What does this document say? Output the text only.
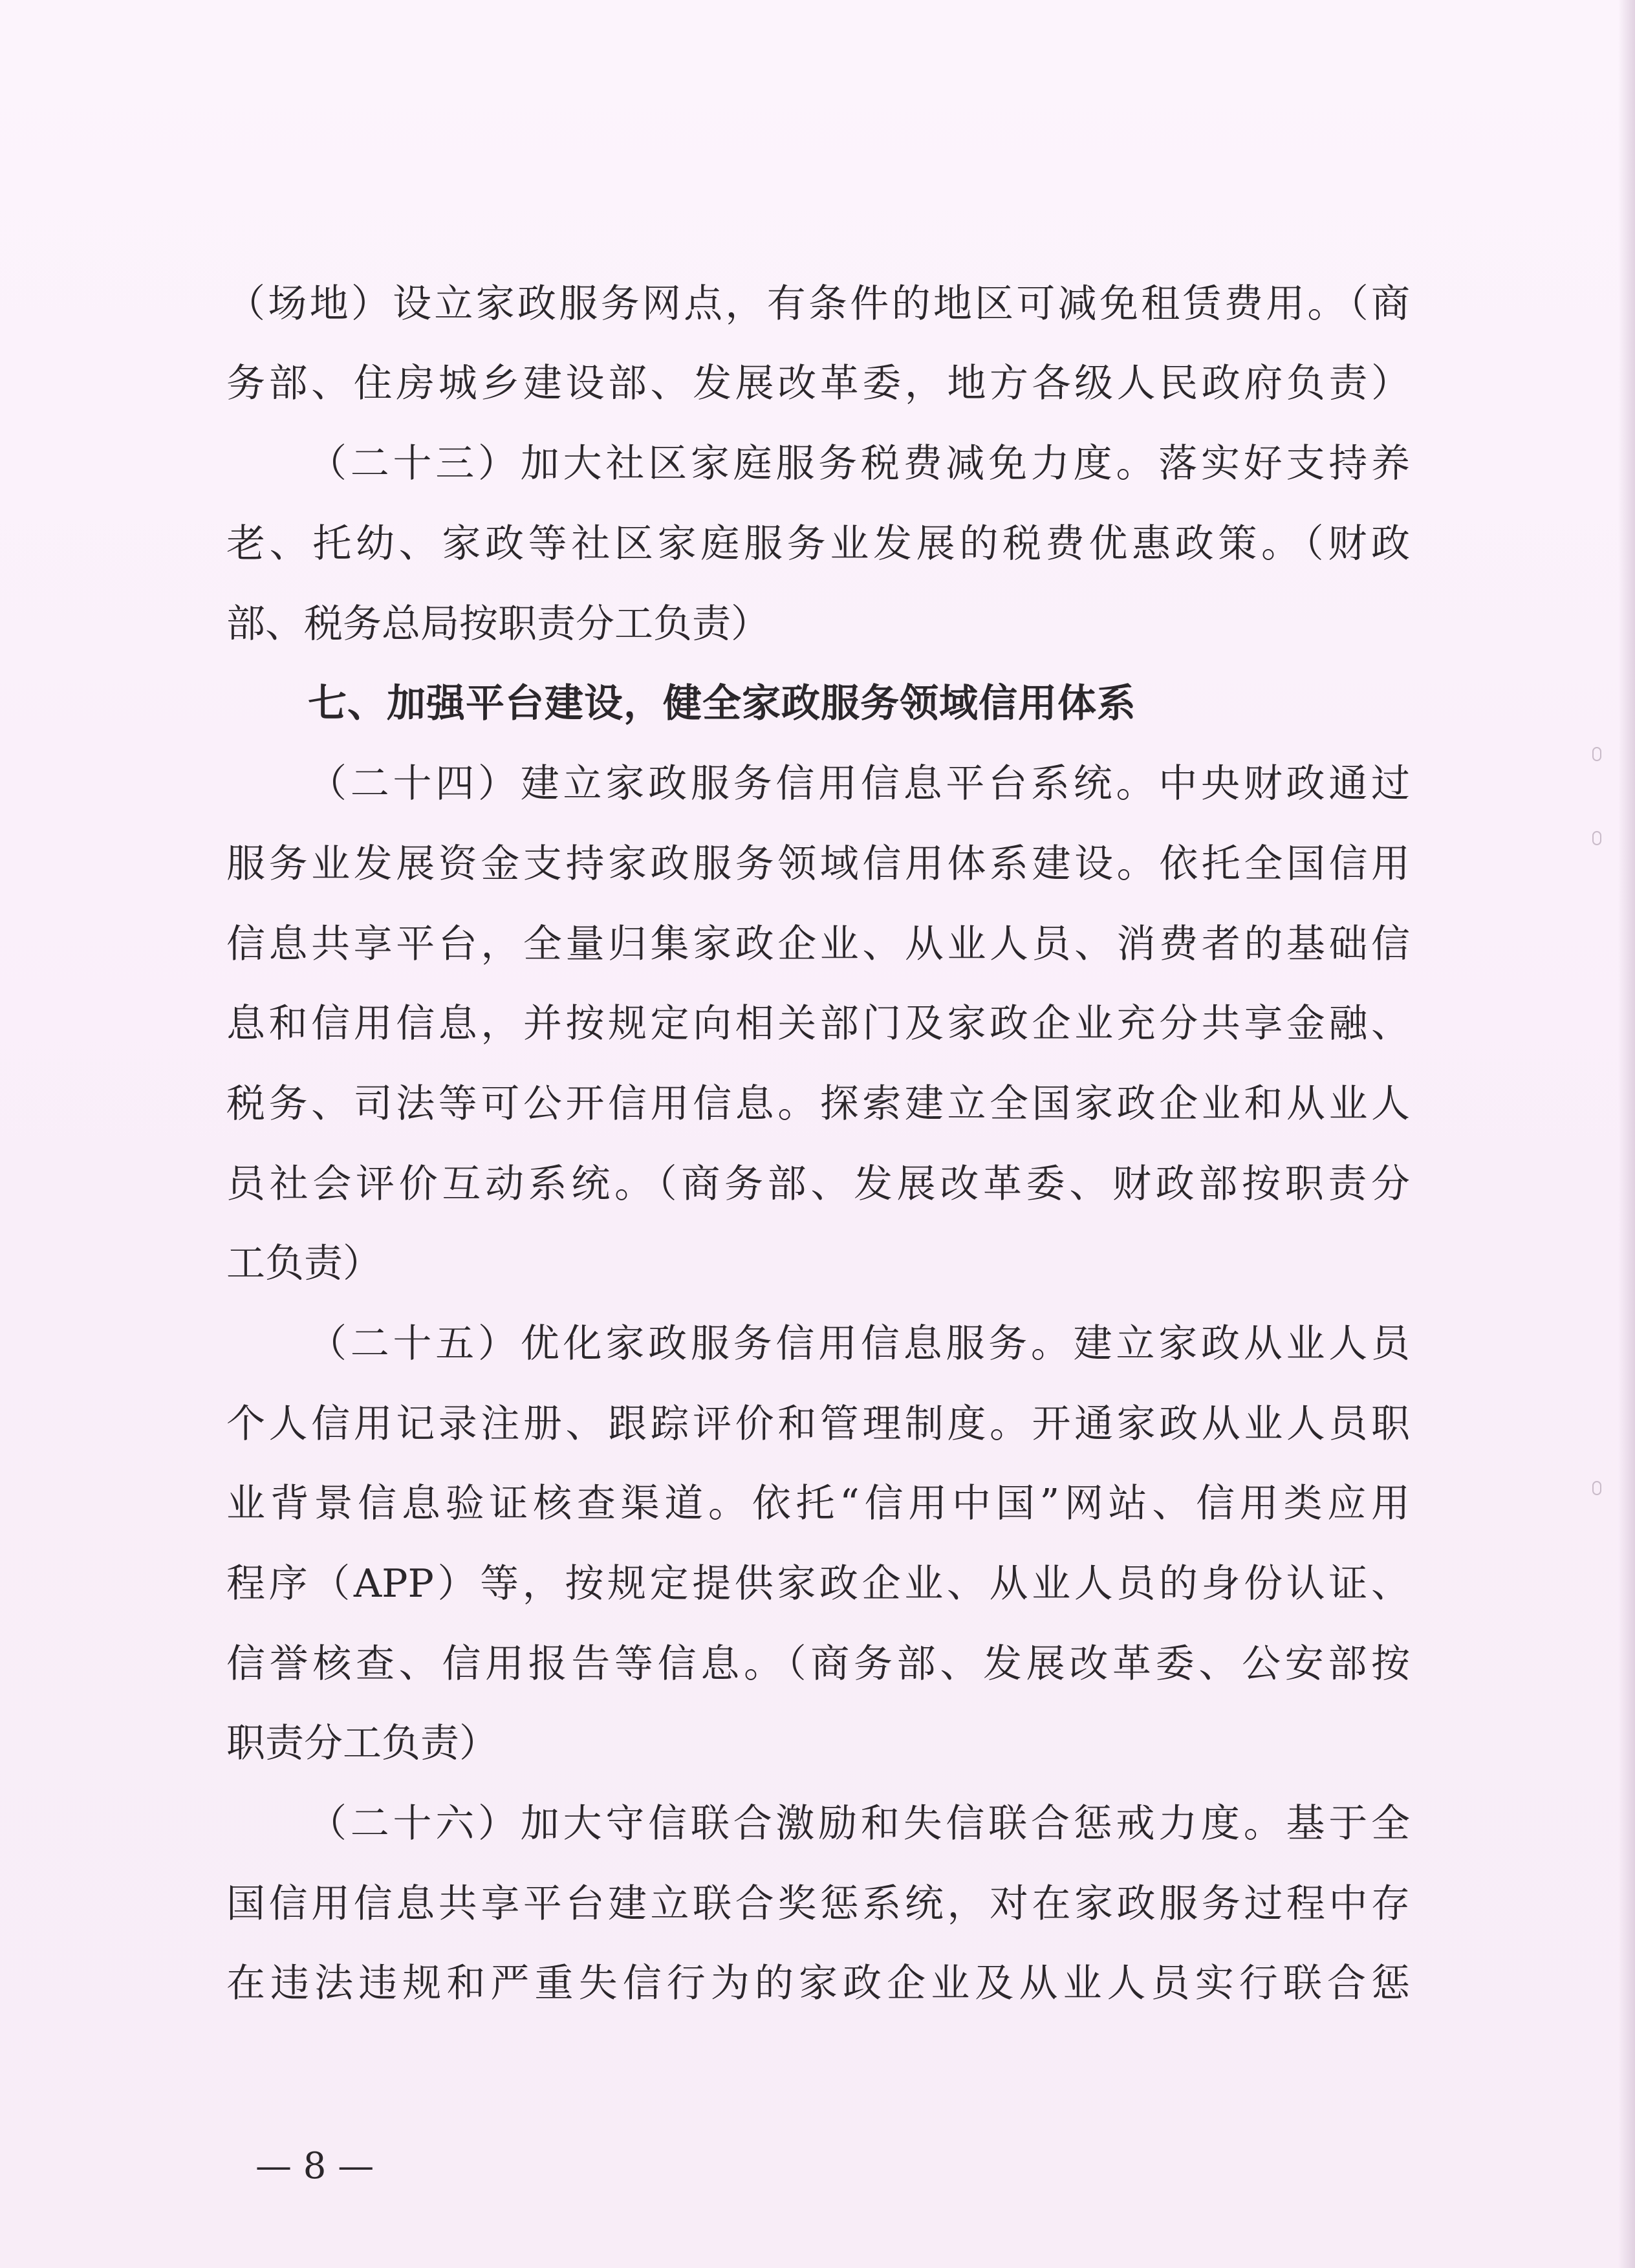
（场地）设立家政服务网点，有条件的地区可减免租赁费用。（商
务部、住房城乡建设部、发展改革委，地方各级人民政府负责）
（二十三）加大社区家庭服务税费减免力度。落实好支持养
老、托幼、家政等社区家庭服务业发展的税费优惠政策。（财政
部、税务总局按职责分工负责）
七、加强平台建设，健全家政服务领域信用体系
（二十四）建立家政服务信用信息平台系统。中央财政通过
服务业发展资金支持家政服务领域信用体系建设。依托全国信用
信息共享平台，全量归集家政企业、从业人员、消费者的基础信
息和信用信息，并按规定向相关部门及家政企业充分共享金融、
税务、司法等可公开信用信息。探索建立全国家政企业和从业人
员社会评价互动系统。（商务部、发展改革委、财政部按职责分
工负责）
（二十五）优化家政服务信用信息服务。建立家政从业人员
个人信用记录注册、跟踪评价和管理制度。开通家政从业人员职
业背景信息验证核查渠道。依托“信用中国”网站、信用类应用
程序（APP）等，按规定提供家政企业、从业人员的身份认证、
信誉核查、信用报告等信息。（商务部、发展改革委、公安部按
职责分工负责）
（二十六）加大守信联合激励和失信联合惩戒力度。基于全
国信用信息共享平台建立联合奖惩系统，对在家政服务过程中存
在违法违规和严重失信行为的家政企业及从业人员实行联合惩
— 8 —
